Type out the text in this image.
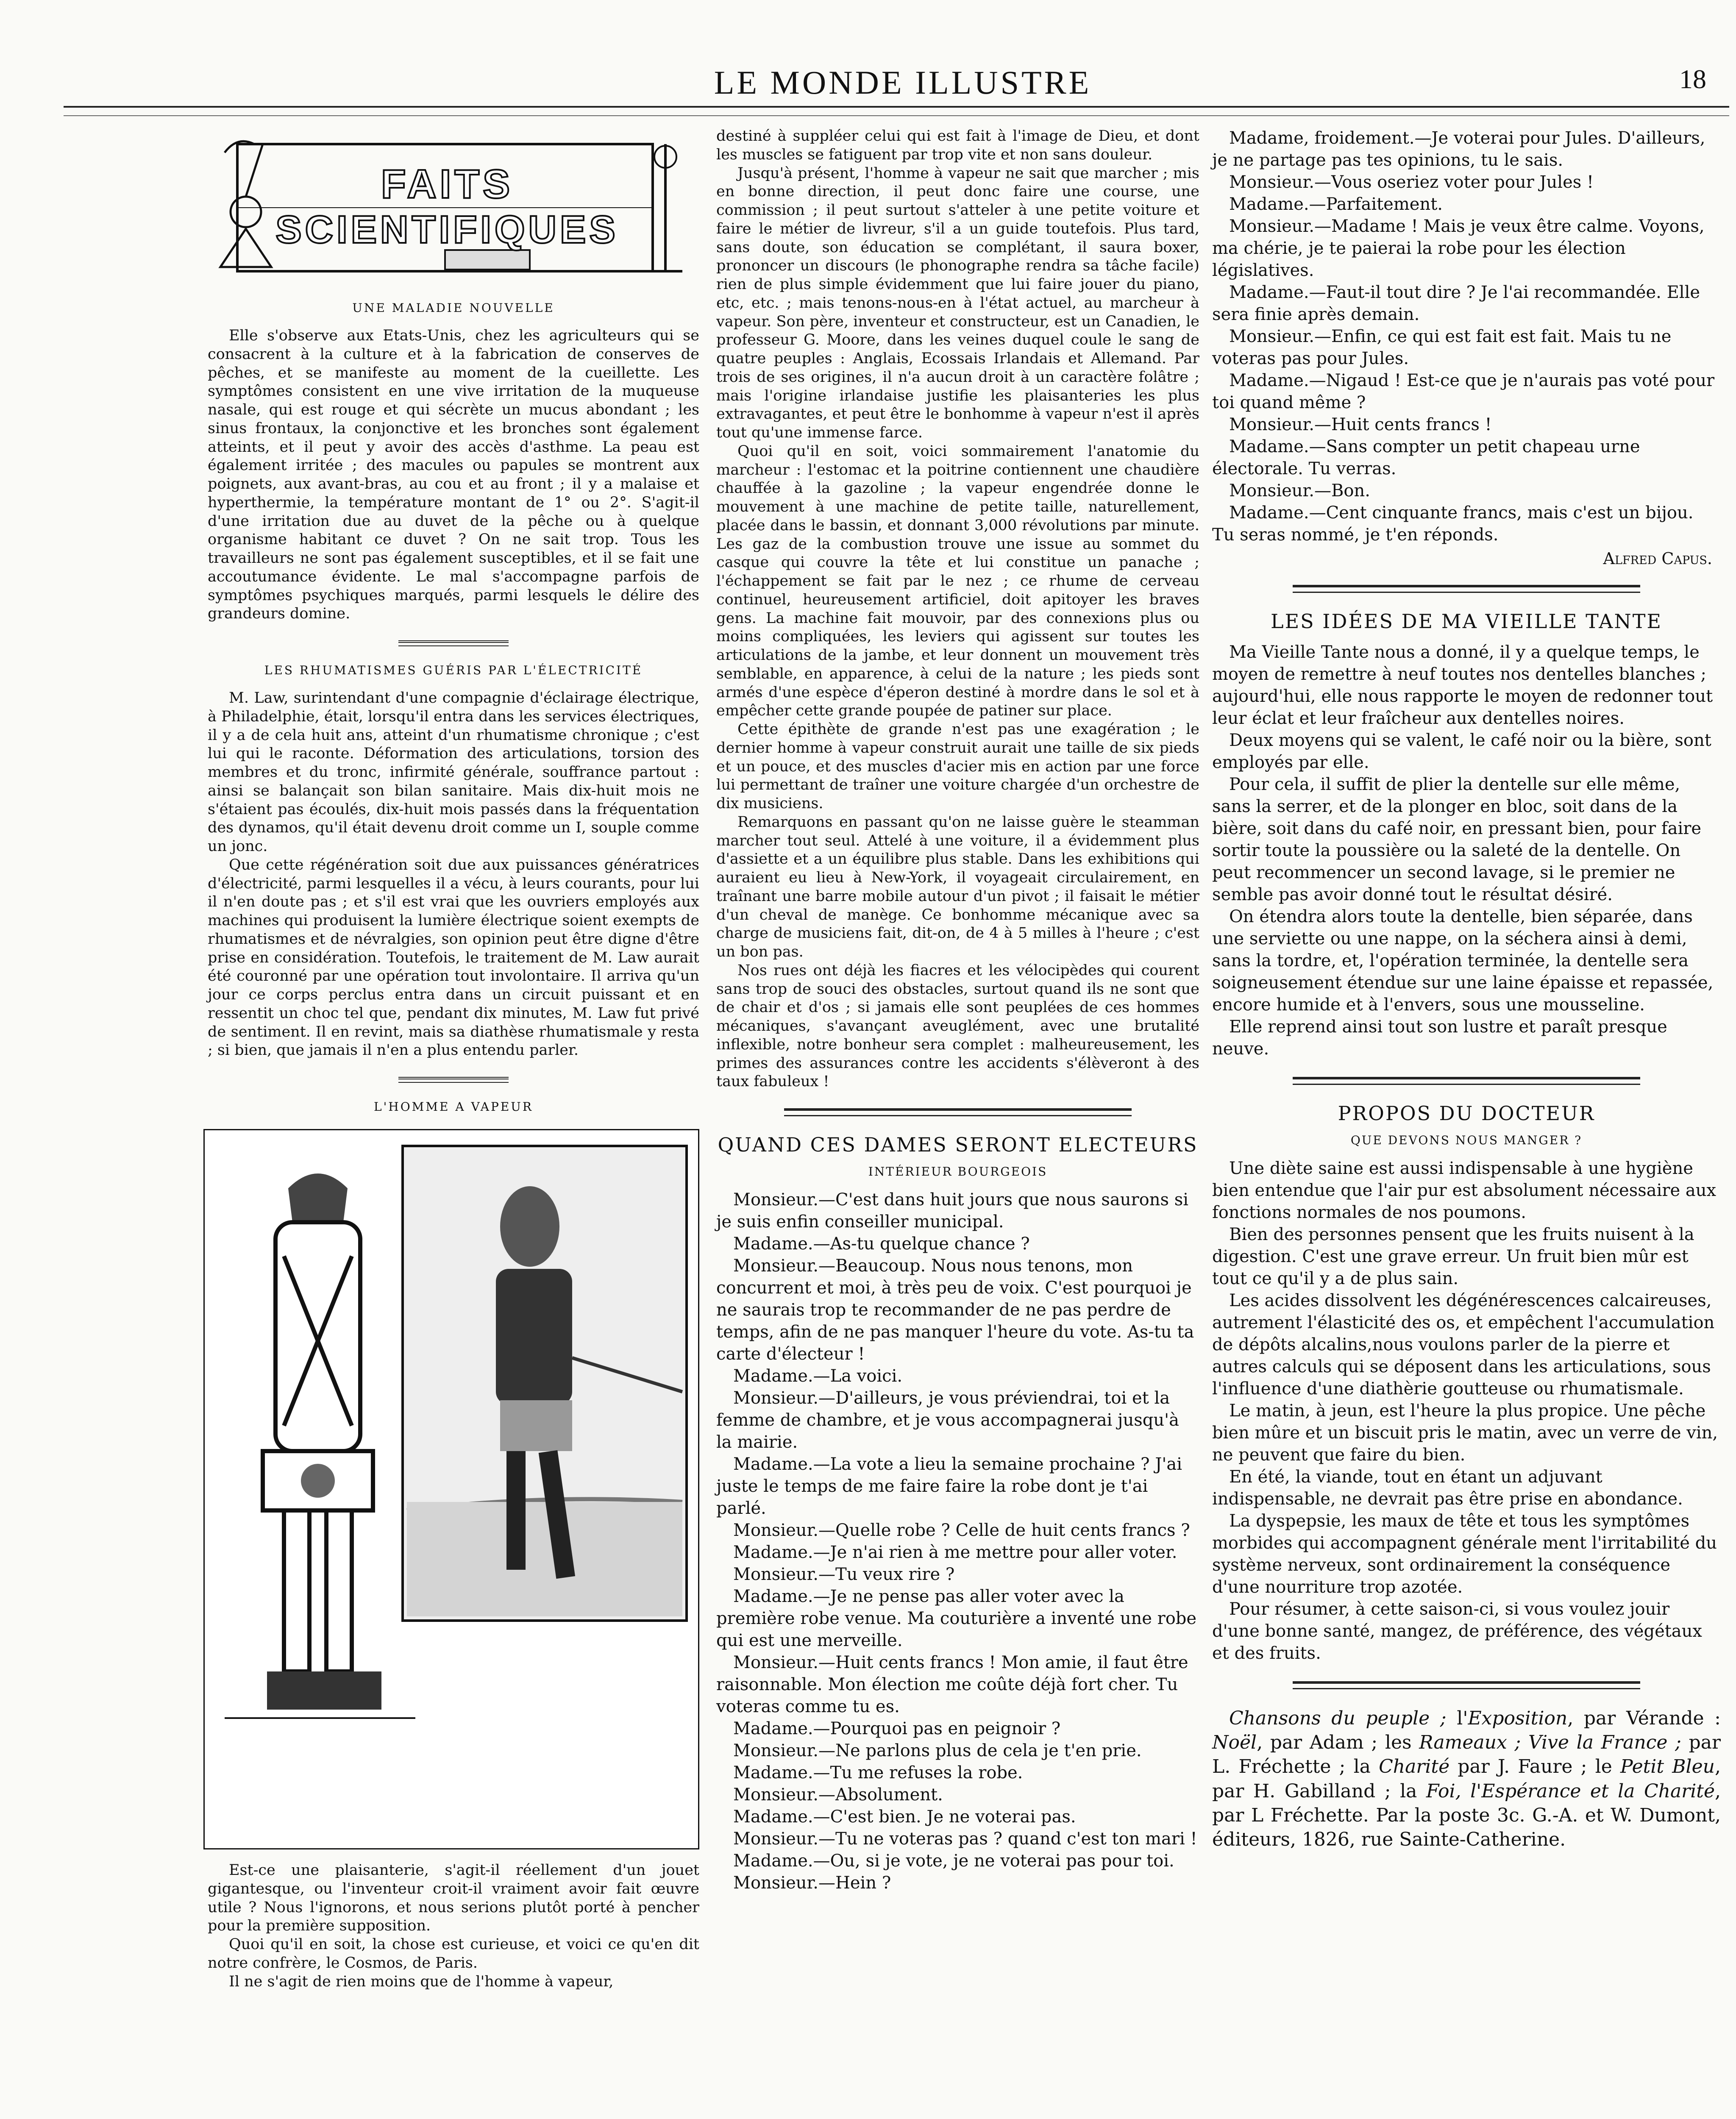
LE MONDE ILLUSTRE	18
FAITS
SCIENTIFIQUES
UNE MALADIE NOUVELLE

Elle s'observe aux Etats-Unis, chez les agriculteurs qui se consacrent à la culture et à la fabrication de conserves de pêches, et se manifeste au moment de la cueillette. Les symptômes consistent en une vive irritation de la muqueuse nasale, qui est rouge et qui sécrète un mucus abondant ; les sinus frontaux, la conjonctive et les bronches sont également atteints, et il peut y avoir des accès d'asthme. La peau est également irritée ; des macules ou papules se montrent aux poignets, aux avant-bras, au cou et au front ; il y a malaise et hyperthermie, la température montant de 1° ou 2°. S'agit-il d'une irritation due au duvet de la pêche ou à quelque organisme habitant ce duvet ? On ne sait trop. Tous les travailleurs ne sont pas également susceptibles, et il se fait une accoutumance évidente. Le mal s'accompagne parfois de symptômes psychiques marqués, parmi lesquels le délire des grandeurs domine.

LES RHUMATISMES GUÉRIS PAR L'ÉLECTRICITÉ

M. Law, surintendant d'une compagnie d'éclairage électrique, à Philadelphie, était, lorsqu'il entra dans les services électriques, il y a de cela huit ans, atteint d'un rhumatisme chronique ; c'est lui qui le raconte. Déformation des articulations, torsion des membres et du tronc, infirmité générale, souffrance partout : ainsi se balançait son bilan sanitaire. Mais dix-huit mois ne s'étaient pas écoulés, dix-huit mois passés dans la fréquentation des dynamos, qu'il était devenu droit comme un I, souple comme un jonc.

Que cette régénération soit due aux puissances génératrices d'électricité, parmi lesquelles il a vécu, à leurs courants, pour lui il n'en doute pas ; et s'il est vrai que les ouvriers employés aux machines qui produisent la lumière électrique soient exempts de rhumatismes et de névralgies, son opinion peut être digne d'être prise en considération. Toutefois, le traitement de M. Law aurait été couronné par une opération tout involontaire. Il arriva qu'un jour ce corps perclus entra dans un circuit puissant et en ressentit un choc tel que, pendant dix minutes, M. Law fut privé de sentiment. Il en revint, mais sa diathèse rhumatismale y resta ; si bien, que jamais il n'en a plus entendu parler.

L'HOMME A VAPEUR

Est-ce une plaisanterie, s'agit-il réellement d'un jouet gigantesque, ou l'inventeur croit-il vraiment avoir fait œuvre utile ? Nous l'ignorons, et nous serions plutôt porté à pencher pour la première supposition.

Quoi qu'il en soit, la chose est curieuse, et voici ce qu'en dit notre confrère, le Cosmos, de Paris.

Il ne s'agit de rien moins que de l'homme à vapeur,

destiné à suppléer celui qui est fait à l'image de Dieu, et dont les muscles se fatiguent par trop vite et non sans douleur.

Jusqu'à présent, l'homme à vapeur ne sait que marcher ; mis en bonne direction, il peut donc faire une course, une commission ; il peut surtout s'atteler à une petite voiture et faire le métier de livreur, s'il a un guide toutefois. Plus tard, sans doute, son éducation se complétant, il saura boxer, prononcer un discours (le phonographe rendra sa tâche facile) rien de plus simple évidemment que lui faire jouer du piano, etc, etc. ; mais tenons-nous-en à l'état actuel, au marcheur à vapeur. Son père, inventeur et constructeur, est un Canadien, le professeur G. Moore, dans les veines duquel coule le sang de quatre peuples : Anglais, Ecossais Irlandais et Allemand. Par trois de ses origines, il n'a aucun droit à un caractère folâtre ; mais l'origine irlandaise justifie les plaisanteries les plus extravagantes, et peut être le bonhomme à vapeur n'est il après tout qu'une immense farce.

Quoi qu'il en soit, voici sommairement l'anatomie du marcheur : l'estomac et la poitrine contiennent une chaudière chauffée à la gazoline ; la vapeur engendrée donne le mouvement à une machine de petite taille, naturellement, placée dans le bassin, et donnant 3,000 révolutions par minute. Les gaz de la combustion trouve une issue au sommet du casque qui couvre la tête et lui constitue un panache ; l'échappement se fait par le nez ; ce rhume de cerveau continuel, heureusement artificiel, doit apitoyer les braves gens. La machine fait mouvoir, par des connexions plus ou moins compliquées, les leviers qui agissent sur toutes les articulations de la jambe, et leur donnent un mouvement très semblable, en apparence, à celui de la nature ; les pieds sont armés d'une espèce d'éperon destiné à mordre dans le sol et à empêcher cette grande poupée de patiner sur place.

Cette épithète de grande n'est pas une exagération ; le dernier homme à vapeur construit aurait une taille de six pieds et un pouce, et des muscles d'acier mis en action par une force lui permettant de traîner une voiture chargée d'un orchestre de dix musiciens.

Remarquons en passant qu'on ne laisse guère le steamman marcher tout seul. Attelé à une voiture, il a évidemment plus d'assiette et a un équilibre plus stable. Dans les exhibitions qui auraient eu lieu à New-York, il voyageait circulairement, en traînant une barre mobile autour d'un pivot ; il faisait le métier d'un cheval de manège. Ce bonhomme mécanique avec sa charge de musiciens fait, dit-on, de 4 à 5 milles à l'heure ; c'est un bon pas.

Nos rues ont déjà les fiacres et les vélocipèdes qui courent sans trop de souci des obstacles, surtout quand ils ne sont que de chair et d'os ; si jamais elle sont peuplées de ces hommes mécaniques, s'avançant aveuglément, avec une brutalité inflexible, notre bonheur sera complet : malheureusement, les primes des assurances contre les accidents s'élèveront à des taux fabuleux !

QUAND CES DAMES SERONT ELECTEURS
INTÉRIEUR BOURGEOIS

Monsieur.—C'est dans huit jours que nous saurons si je suis enfin conseiller municipal.

Madame.—As-tu quelque chance ?

Monsieur.—Beaucoup. Nous nous tenons, mon concurrent et moi, à très peu de voix. C'est pourquoi je ne saurais trop te recommander de ne pas perdre de temps, afin de ne pas manquer l'heure du vote. As-tu ta carte d'électeur !

Madame.—La voici.

Monsieur.—D'ailleurs, je vous préviendrai, toi et la femme de chambre, et je vous accompagnerai jusqu'à la mairie.

Madame.—La vote a lieu la semaine prochaine ? J'ai juste le temps de me faire faire la robe dont je t'ai parlé.

Monsieur.—Quelle robe ? Celle de huit cents francs ?

Madame.—Je n'ai rien à me mettre pour aller voter.

Monsieur.—Tu veux rire ?

Madame.—Je ne pense pas aller voter avec la première robe venue. Ma couturière a inventé une robe qui est une merveille.

Monsieur.—Huit cents francs ! Mon amie, il faut être raisonnable. Mon élection me coûte déjà fort cher. Tu voteras comme tu es.

Madame.—Pourquoi pas en peignoir ?

Monsieur.—Ne parlons plus de cela je t'en prie.

Madame.—Tu me refuses la robe.

Monsieur.—Absolument.

Madame.—C'est bien. Je ne voterai pas.

Monsieur.—Tu ne voteras pas ? quand c'est ton mari !

Madame.—Ou, si je vote, je ne voterai pas pour toi.

Monsieur.—Hein ?

Madame, froidement.—Je voterai pour Jules. D'ailleurs, je ne partage pas tes opinions, tu le sais.

Monsieur.—Vous oseriez voter pour Jules !

Madame.—Parfaitement.

Monsieur.—Madame ! Mais je veux être calme. Voyons, ma chérie, je te paierai la robe pour les élection législatives.

Madame.—Faut-il tout dire ? Je l'ai recommandée. Elle sera finie après demain.

Monsieur.—Enfin, ce qui est fait est fait. Mais tu ne voteras pas pour Jules.

Madame.—Nigaud ! Est-ce que je n'aurais pas voté pour toi quand même ?

Monsieur.—Huit cents francs !

Madame.—Sans compter un petit chapeau urne électorale. Tu verras.

Monsieur.—Bon.

Madame.—Cent cinquante francs, mais c'est un bijou. Tu seras nommé, je t'en réponds.

Alfred Capus.
LES IDÉES DE MA VIEILLE TANTE

Ma Vieille Tante nous a donné, il y a quelque temps, le moyen de remettre à neuf toutes nos dentelles blanches ; aujourd'hui, elle nous rapporte le moyen de redonner tout leur éclat et leur fraîcheur aux dentelles noires.

Deux moyens qui se valent, le café noir ou la bière, sont employés par elle.

Pour cela, il suffit de plier la dentelle sur elle même, sans la serrer, et de la plonger en bloc, soit dans de la bière, soit dans du café noir, en pressant bien, pour faire sortir toute la poussière ou la saleté de la dentelle. On peut recommencer un second lavage, si le premier ne semble pas avoir donné tout le résultat désiré.

On étendra alors toute la dentelle, bien séparée, dans une serviette ou une nappe, on la séchera ainsi à demi, sans la tordre, et, l'opération terminée, la dentelle sera soigneusement étendue sur une laine épaisse et repassée, encore humide et à l'envers, sous une mousseline.

Elle reprend ainsi tout son lustre et paraît presque neuve.

PROPOS DU DOCTEUR
QUE DEVONS NOUS MANGER ?

Une diète saine est aussi indispensable à une hygiène bien entendue que l'air pur est absolument nécessaire aux fonctions normales de nos poumons.

Bien des personnes pensent que les fruits nuisent à la digestion. C'est une grave erreur. Un fruit bien mûr est tout ce qu'il y a de plus sain.

Les acides dissolvent les dégénérescences calcaireuses, autrement l'élasticité des os, et empêchent l'accumulation de dépôts alcalins,nous voulons parler de la pierre et autres calculs qui se déposent dans les articulations, sous l'influence d'une diathèrie goutteuse ou rhumatismale.

Le matin, à jeun, est l'heure la plus propice. Une pêche bien mûre et un biscuit pris le matin, avec un verre de vin, ne peuvent que faire du bien.

En été, la viande, tout en étant un adjuvant indispensable, ne devrait pas être prise en abondance.

La dyspepsie, les maux de tête et tous les symptômes morbides qui accompagnent générale ment l'irritabilité du système nerveux, sont ordinairement la conséquence d'une nourriture trop azotée.

Pour résumer, à cette saison-ci, si vous voulez jouir d'une bonne santé, mangez, de préférence, des végétaux et des fruits.

Chansons du peuple ; l'Exposition, par Vérande : Noël, par Adam ; les Rameaux ; Vive la France ; par L. Fréchette ; la Charité par J. Faure ; le Petit Bleu, par H. Gabilland ; la Foi, l'Espérance et la Charité, par L Fréchette. Par la poste 3c. G.-A. et W. Dumont, éditeurs, 1826, rue Sainte-Catherine.
